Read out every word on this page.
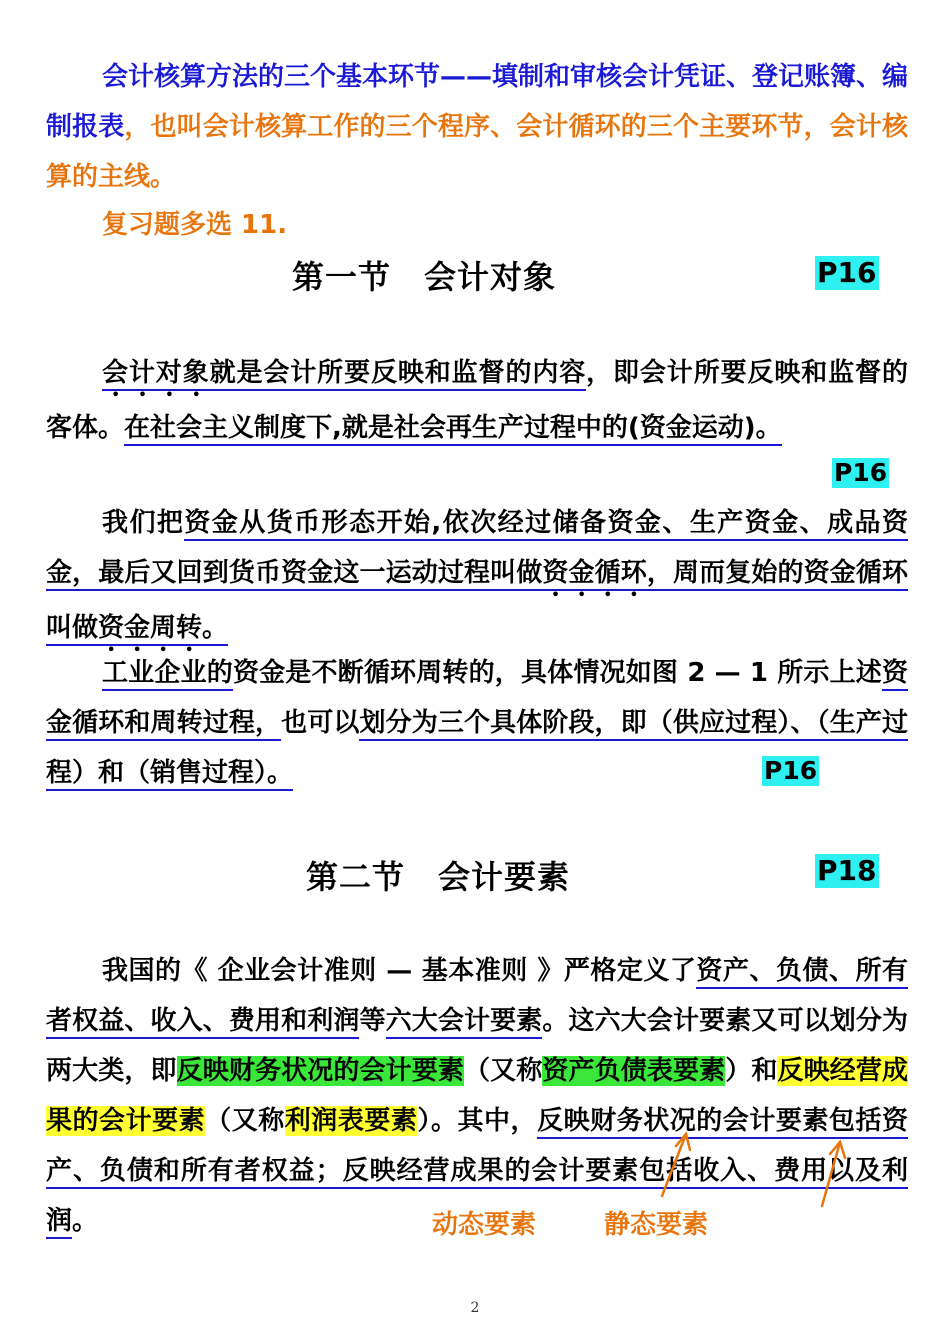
会计核算方法的三个基本环节——填制和审核会计凭证、登记账簿、编制报表，也叫会计核算工作的三个程序、会计循环的三个主要环节，会计核算的主线。
复习题多选 11.
第一节　会计对象	P16
会计对象就是会计所要反映和监督的内容，即会计所要反映和监督的客体。在社会主义制度下,就是社会再生产过程中的(资金运动)。
P16
我们把资金从货币形态开始,依次经过储备资金、生产资金、成品资金，最后又回到货币资金这一运动过程叫做资金循环，周而复始的资金循环叫做资金周转。
工业企业的资金是不断循环周转的，具体情况如图 2 — 1 所示上述资金循环和周转过程，也可以划分为三个具体阶段，即（供应过程）、（生产过程）和（销售过程）。	P16
第二节　会计要素	P18
我国的《 企业会计准则 — 基本准则 》严格定义了资产、负债、所有者权益、收入、费用和利润等六大会计要素。这六大会计要素又可以划分为两大类，即反映财务状况的会计要素（又称资产负债表要素）和反映经营成果的会计要素（又称利润表要素）。其中，反映财务状况的会计要素包括资产、负债和所有者权益；反映经营成果的会计要素包括收入、费用以及利润。	动态要素	静态要素
2
